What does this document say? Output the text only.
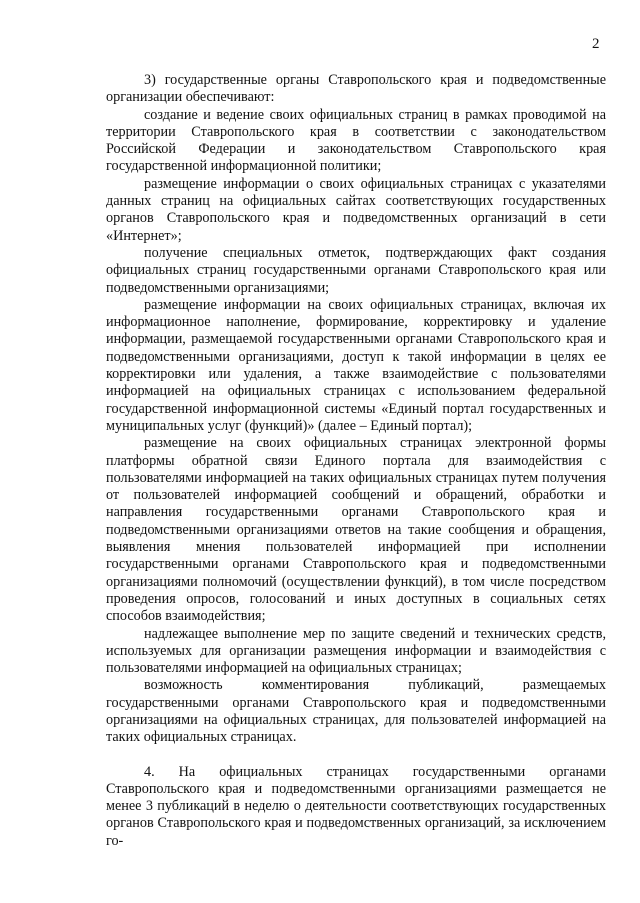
2

3) государственные органы Ставропольского края и подведомственные организации обеспечивают:

создание и ведение своих официальных страниц в рамках проводимой на территории Ставропольского края в соответствии с законодательством Российской Федерации и законодательством Ставропольского края государственной информационной политики;

размещение информации о своих официальных страницах с указателями данных страниц на официальных сайтах соответствующих государственных органов Ставропольского края и подведомственных организаций в сети «Интернет»;

получение специальных отметок, подтверждающих факт создания официальных страниц государственными органами Ставропольского края или подведомственными организациями;

размещение информации на своих официальных страницах, включая их информационное наполнение, формирование, корректировку и удаление информации, размещаемой государственными органами Ставропольского края и подведомственными организациями, доступ к такой информации в целях ее корректировки или удаления, а также взаимодействие с пользователями информацией на официальных страницах с использованием федеральной государственной информационной системы «Единый портал государственных и муниципальных услуг (функций)» (далее – Единый портал);

размещение на своих официальных страницах электронной формы платформы обратной связи Единого портала для взаимодействия с пользователями информацией на таких официальных страницах путем получения от пользователей информацией сообщений и обращений, обработки и направления государственными органами Ставропольского края и подведомственными организациями ответов на такие сообщения и обращения, выявления мнения пользователей информацией при исполнении государственными органами Ставропольского края и подведомственными организациями полномочий (осуществлении функций), в том числе посредством проведения опросов, голосований и иных доступных в социальных сетях способов взаимодействия;

надлежащее выполнение мер по защите сведений и технических средств, используемых для организации размещения информации и взаимодействия с пользователями информацией на официальных страницах;

возможность комментирования публикаций, размещаемых государственными органами Ставропольского края и подведомственными организациями на официальных страницах, для пользователей информацией на таких официальных страницах.

4. На официальных страницах государственными органами Ставропольского края и подведомственными организациями размещается не менее 3 публикаций в неделю о деятельности соответствующих государственных органов Ставропольского края и подведомственных организаций, за исключением го-
